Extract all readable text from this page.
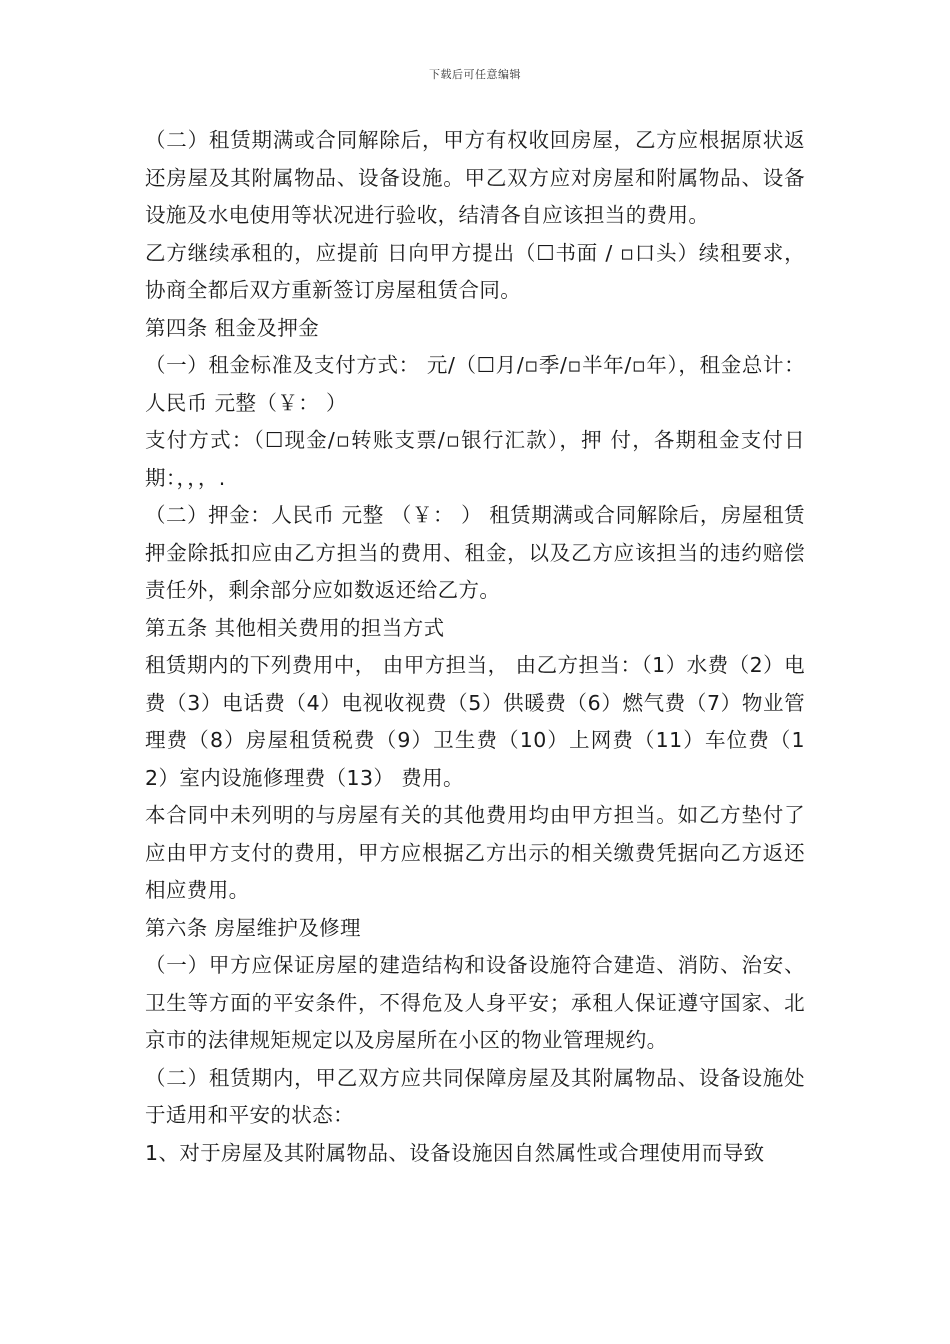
下载后可任意编辑

（二）租赁期满或合同解除后，甲方有权收回房屋，乙方应根据原状返还房屋及其附属物品、设备设施。甲乙双方应对房屋和附属物品、设备设施及水电使用等状况进行验收，结清各自应该担当的费用。

乙方继续承租的，应提前 日向甲方提出（☐书面 / ▫口头）续租要求，协商全都后双方重新签订房屋租赁合同。

第四条 租金及押金

（一）租金标准及支付方式： 元/（☐月/▫季/▫半年/▫年），租金总计：人民币 元整（￥： ）

支付方式：（☐现金/▫转账支票/▫银行汇款），押 付，各期租金支付日期：，，，.

（二）押金：人民币 元整 （￥： ） 租赁期满或合同解除后，房屋租赁押金除抵扣应由乙方担当的费用、租金，以及乙方应该担当的违约赔偿责任外，剩余部分应如数返还给乙方。

第五条 其他相关费用的担当方式

租赁期内的下列费用中， 由甲方担当， 由乙方担当：（1）水费（2）电费（3）电话费（4）电视收视费（5）供暖费（6）燃气费（7）物业管理费（8）房屋租赁税费（9）卫生费（10）上网费（11）车位费（12）室内设施修理费（13） 费用。

本合同中未列明的与房屋有关的其他费用均由甲方担当。如乙方垫付了应由甲方支付的费用，甲方应根据乙方出示的相关缴费凭据向乙方返还相应费用。

第六条 房屋维护及修理

（一）甲方应保证房屋的建造结构和设备设施符合建造、消防、治安、卫生等方面的平安条件，不得危及人身平安；承租人保证遵守国家、北京市的法律规矩规定以及房屋所在小区的物业管理规约。

（二）租赁期内，甲乙双方应共同保障房屋及其附属物品、设备设施处于适用和平安的状态：

1、对于房屋及其附属物品、设备设施因自然属性或合理使用而导致
